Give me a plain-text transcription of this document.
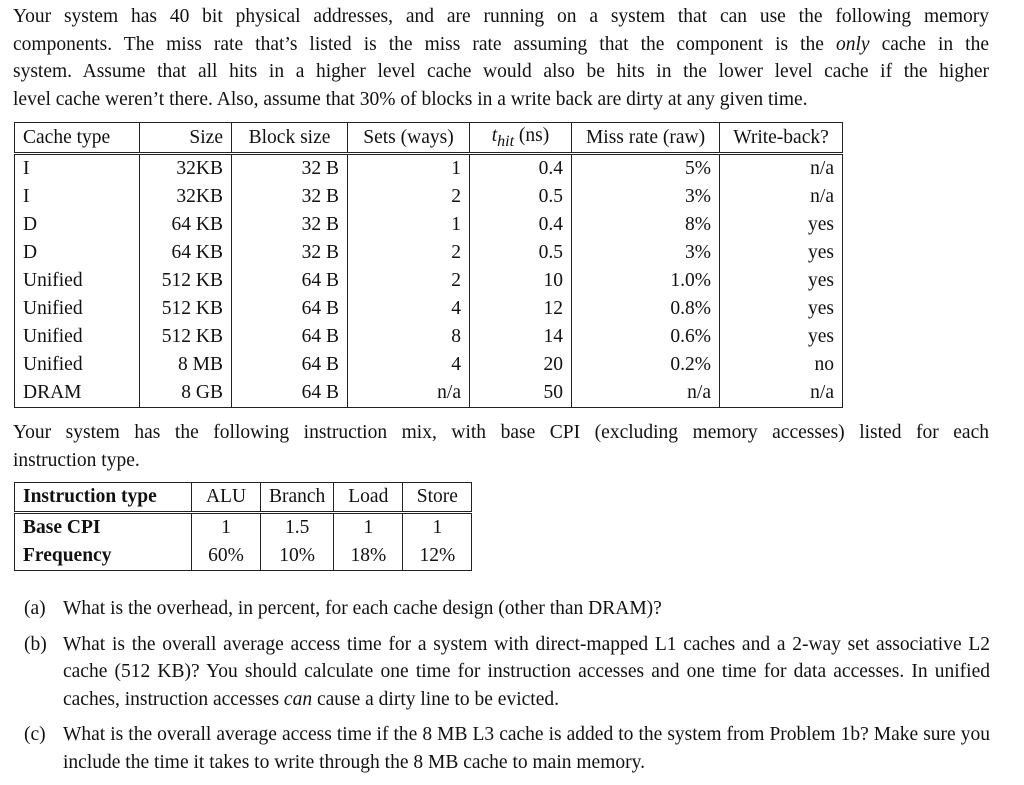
Your system has 40 bit physical addresses, and are running on a system that can use the following memory
components. The miss rate that’s listed is the miss rate assuming that the component is the only cache in the
system. Assume that all hits in a higher level cache would also be hits in the lower level cache if the higher
level cache weren’t there. Also, assume that 30% of blocks in a write back are dirty at any given time.

Cache type	Size	Block size	Sets (ways)	$t_{hit}$ (ns)	Miss rate (raw)	Write-back?
I	32KB	32 B	1	0.4	5%	n/a
I	32KB	32 B	2	0.5	3%	n/a
D	64 KB	32 B	1	0.4	8%	yes
D	64 KB	32 B	2	0.5	3%	yes
Unified	512 KB	64 B	2	10	1.0%	yes
Unified	512 KB	64 B	4	12	0.8%	yes
Unified	512 KB	64 B	8	14	0.6%	yes
Unified	8 MB	64 B	4	20	0.2%	no
DRAM	8 GB	64 B	n/a	50	n/a	n/a

Your system has the following instruction mix, with base CPI (excluding memory accesses) listed for each
instruction type.

Instruction type	ALU	Branch	Load	Store
Base CPI	1	1.5	1	1
Frequency	60%	10%	18%	12%
(a) What is the overhead, in percent, for each cache design (other than DRAM)?
(b) What is the overall average access time for a system with direct-mapped L1 caches and a 2-way set associative L2 cache (512 KB)? You should calculate one time for instruction accesses and one time for data accesses. In unified caches, instruction accesses can cause a dirty line to be evicted.
(c) What is the overall average access time if the 8 MB L3 cache is added to the system from Problem 1b? Make sure you include the time it takes to write through the 8 MB cache to main memory.
